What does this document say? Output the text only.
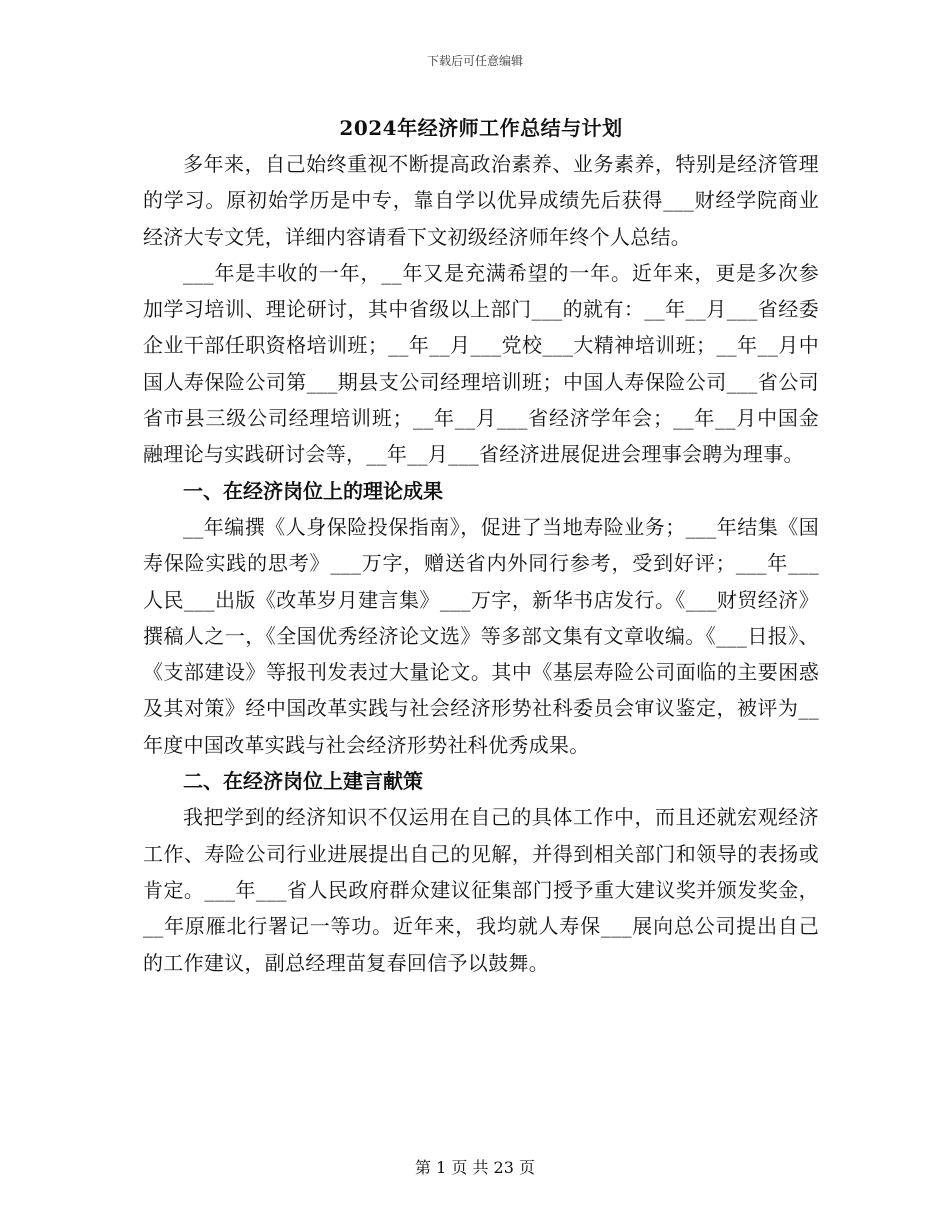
下载后可任意编辑
2024年经济师工作总结与计划

多年来，自己始终重视不断提高政治素养、业务素养，特别是经济管理的学习。原初始学历是中专，靠自学以优异成绩先后获得___财经学院商业经济大专文凭，详细内容请看下文初级经济师年终个人总结。

___年是丰收的一年，__年又是充满希望的一年。近年来，更是多次参加学习培训、理论研讨，其中省级以上部门___的就有：__年__月___省经委企业干部任职资格培训班；__年__月___党校___大精神培训班；__年__月中国人寿保险公司第___期县支公司经理培训班；中国人寿保险公司___省公司省市县三级公司经理培训班；__年__月___省经济学年会；__年__月中国金融理论与实践研讨会等，__年__月___省经济进展促进会理事会聘为理事。

一、在经济岗位上的理论成果

__年编撰《人身保险投保指南》，促进了当地寿险业务；___年结集《国寿保险实践的思考》___万字，赠送省内外同行参考，受到好评；___年___人民___出版《改革岁月建言集》___万字，新华书店发行。《___财贸经济》撰稿人之一，《全国优秀经济论文选》等多部文集有文章收编。《___日报》、《支部建设》等报刊发表过大量论文。其中《基层寿险公司面临的主要困惑及其对策》经中国改革实践与社会经济形势社科委员会审议鉴定，被评为__年度中国改革实践与社会经济形势社科优秀成果。

二、在经济岗位上建言献策

我把学到的经济知识不仅运用在自己的具体工作中，而且还就宏观经济工作、寿险公司行业进展提出自己的见解，并得到相关部门和领导的表扬或肯定。___年___省人民政府群众建议征集部门授予重大建议奖并颁发奖金，__年原雁北行署记一等功。近年来，我均就人寿保___展向总公司提出自己的工作建议，副总经理苗复春回信予以鼓舞。

第 1 页 共 23 页
